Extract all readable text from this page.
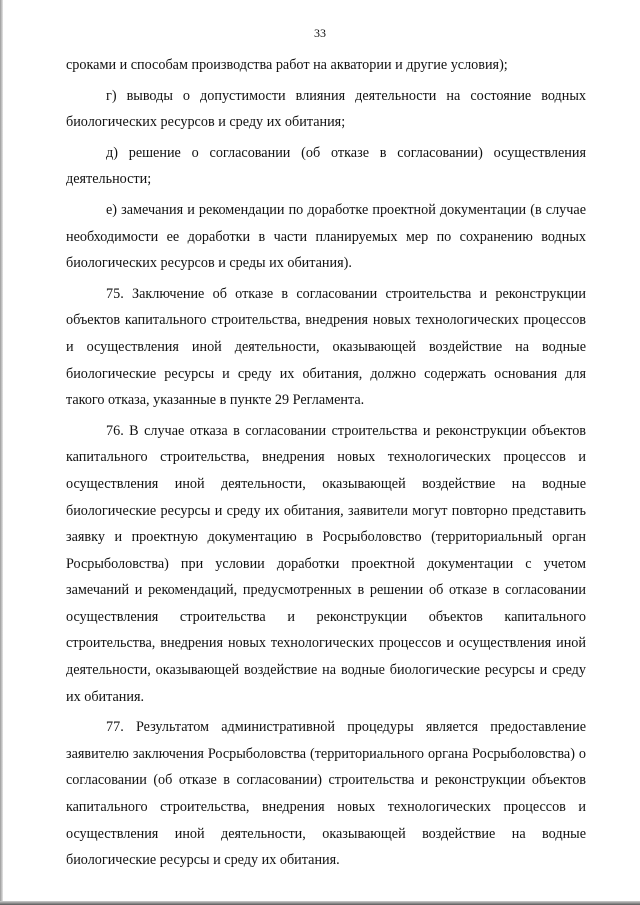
33

сроками и способам производства работ на акватории и другие условия);

г) выводы о допустимости влияния деятельности на состояние водных биологических ресурсов и среду их обитания;

д) решение о согласовании (об отказе в согласовании) осуществления деятельности;

е) замечания и рекомендации по доработке проектной документации (в случае необходимости ее доработки в части планируемых мер по сохранению водных биологических ресурсов и среды их обитания).

75. Заключение об отказе в согласовании строительства и реконструкции объектов капитального строительства, внедрения новых технологических процессов и осуществления иной деятельности, оказывающей воздействие на водные биологические ресурсы и среду их обитания, должно содержать основания для такого отказа, указанные в пункте 29 Регламента.

76. В случае отказа в согласовании строительства и реконструкции объектов капитального строительства, внедрения новых технологических процессов и осуществления иной деятельности, оказывающей воздействие на водные биологические ресурсы и среду их обитания, заявители могут повторно представить заявку и проектную документацию в Росрыболовство (территориальный орган Росрыболовства) при условии доработки проектной документации с учетом замечаний и рекомендаций, предусмотренных в решении об отказе в согласовании осуществления строительства и реконструкции объектов капитального строительства, внедрения новых технологических процессов и осуществления иной деятельности, оказывающей воздействие на водные биологические ресурсы и среду их обитания.

77. Результатом административной процедуры является предоставление заявителю заключения Росрыболовства (территориального органа Росрыболовства) о согласовании (об отказе в согласовании) строительства и реконструкции объектов капитального строительства, внедрения новых технологических процессов и осуществления иной деятельности, оказывающей воздействие на водные биологические ресурсы и среду их обитания.
